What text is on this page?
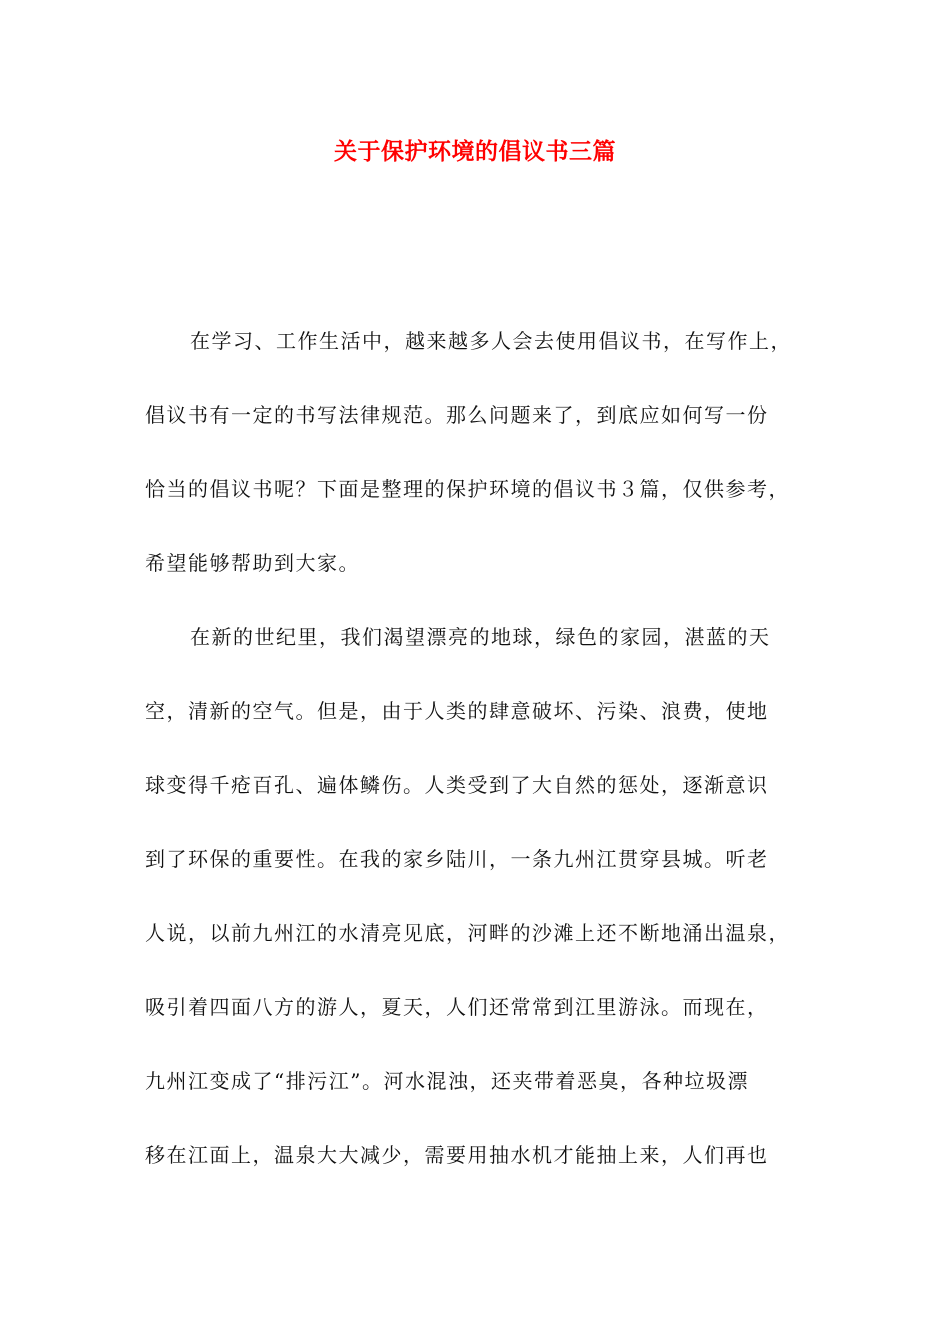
关于保护环境的倡议书三篇
在学习、工作生活中，越来越多人会去使用倡议书，在写作上，
倡议书有一定的书写法律规范。那么问题来了，到底应如何写一份
恰当的倡议书呢？下面是整理的保护环境的倡议书３篇，仅供参考，
希望能够帮助到大家。
在新的世纪里，我们渴望漂亮的地球，绿色的家园，湛蓝的天
空，清新的空气。但是，由于人类的肆意破坏、污染、浪费，使地
球变得千疮百孔、遍体鳞伤。人类受到了大自然的惩处，逐渐意识
到了环保的重要性。在我的家乡陆川，一条九州江贯穿县城。听老
人说，以前九州江的水清亮见底，河畔的沙滩上还不断地涌出温泉，
吸引着四面八方的游人，夏天，人们还常常到江里游泳。而现在，
九州江变成了“排污江”。河水混浊，还夹带着恶臭，各种垃圾漂
移在江面上，温泉大大减少，需要用抽水机才能抽上来，人们再也
